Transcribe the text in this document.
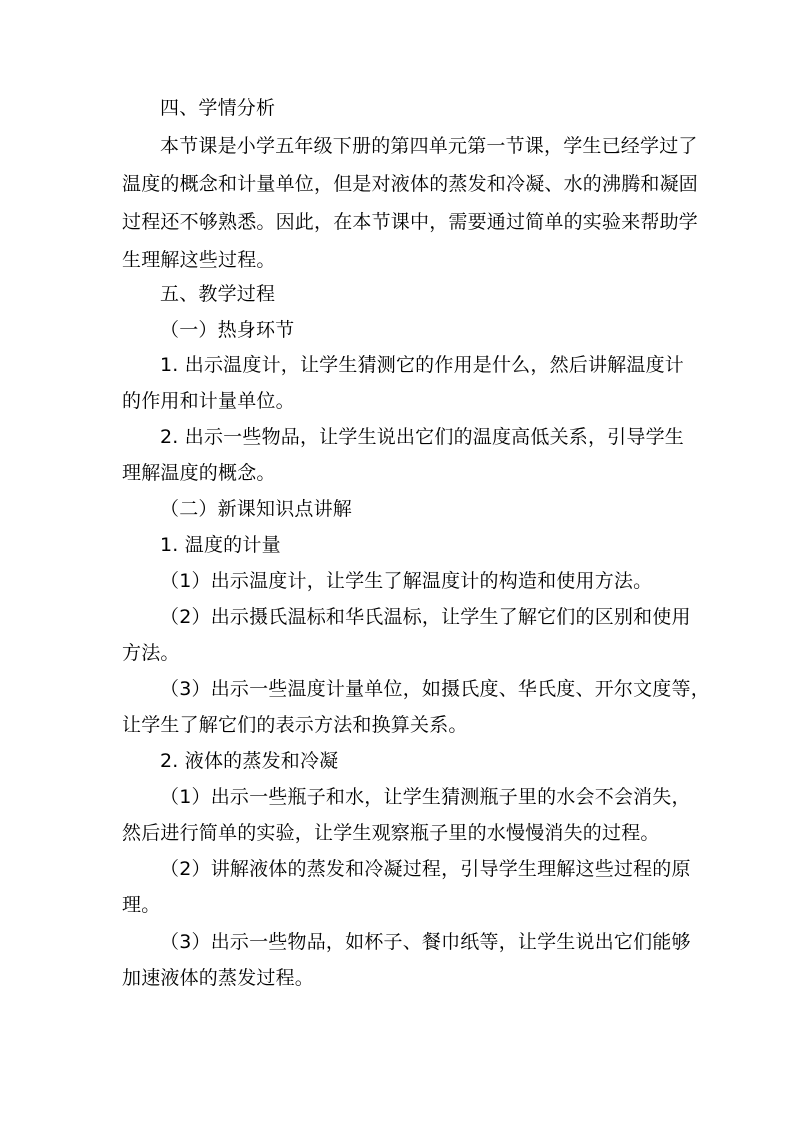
四、学情分析
本节课是小学五年级下册的第四单元第一节课，学生已经学过了
温度的概念和计量单位，但是对液体的蒸发和冷凝、水的沸腾和凝固
过程还不够熟悉。因此，在本节课中，需要通过简单的实验来帮助学
生理解这些过程。
五、教学过程
（一）热身环节
1. 出示温度计，让学生猜测它的作用是什么，然后讲解温度计
的作用和计量单位。
2. 出示一些物品，让学生说出它们的温度高低关系，引导学生
理解温度的概念。
（二）新课知识点讲解
1. 温度的计量
（1）出示温度计，让学生了解温度计的构造和使用方法。
（2）出示摄氏温标和华氏温标，让学生了解它们的区别和使用
方法。
（3）出示一些温度计量单位，如摄氏度、华氏度、开尔文度等，
让学生了解它们的表示方法和换算关系。
2. 液体的蒸发和冷凝
（1）出示一些瓶子和水，让学生猜测瓶子里的水会不会消失，
然后进行简单的实验，让学生观察瓶子里的水慢慢消失的过程。
（2）讲解液体的蒸发和冷凝过程，引导学生理解这些过程的原
理。
（3）出示一些物品，如杯子、餐巾纸等，让学生说出它们能够
加速液体的蒸发过程。
